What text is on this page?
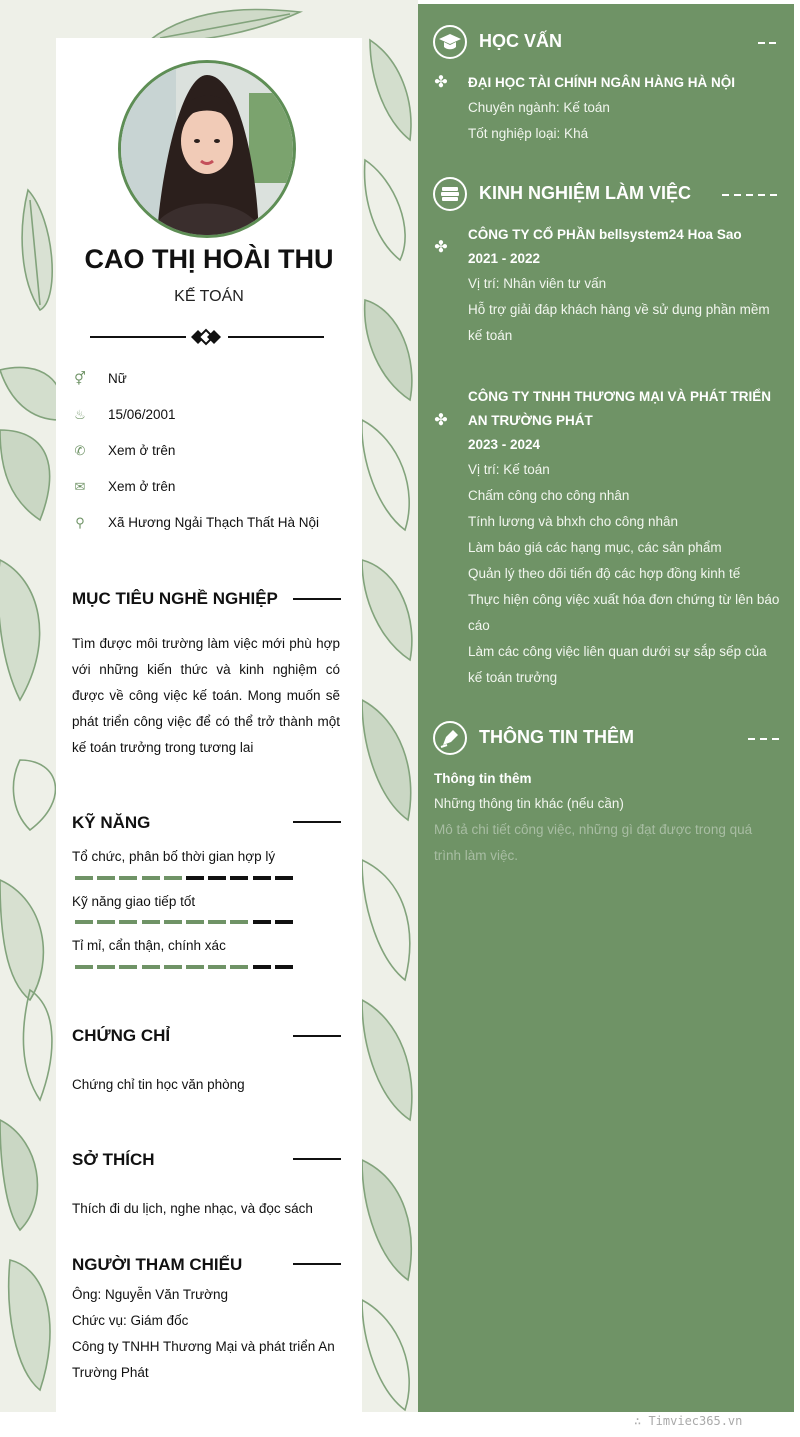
CAO THỊ HOÀI THU
KẾ TOÁN
⚥ Nữ
♨ 15/06/2001
✆ Xem ở trên
✉ Xem ở trên
⚲ Xã Hương Ngải Thạch Thất Hà Nội
MỤC TIÊU NGHỀ NGHIỆP
Tìm được môi trường làm việc mới phù hợp với những kiến thức và kinh nghiệm có được về công việc kế toán. Mong muốn sẽ phát triển công việc để có thể trở thành một kế toán trưởng trong tương lai
KỸ NĂNG
Tổ chức, phân bố thời gian hợp lý
Kỹ năng giao tiếp tốt
Tỉ mỉ, cẩn thận, chính xác
CHỨNG CHỈ
Chứng chỉ tin học văn phòng
SỞ THÍCH
Thích đi du lịch, nghe nhạc, và đọc sách
NGƯỜI THAM CHIẾU
Ông: Nguyễn Văn Trường
Chức vụ: Giám đốc
Công ty TNHH Thương Mại và phát triển An Trường Phát
HỌC VẤN
✤ ĐẠI HỌC TÀI CHÍNH NGÂN HÀNG HÀ NỘI
Chuyên ngành: Kế toán
Tốt nghiệp loại: Khá
KINH NGHIỆM LÀM VIỆC
✤
CÔNG TY CỔ PHẦN bellsystem24 Hoa Sao
2021 - 2022
Vị trí: Nhân viên tư vấn
Hỗ trợ giải đáp khách hàng về sử dụng phần mềm kế toán
✤
CÔNG TY TNHH THƯƠNG MẠI VÀ PHÁT TRIỂN AN TRƯỜNG PHÁT
2023 - 2024
Vị trí: Kế toán
Chấm công cho công nhân
Tính lương và bhxh cho công nhân
Làm báo giá các hạng mục, các sản phẩm
Quản lý theo dõi tiến độ các hợp đồng kinh tế
Thực hiện công việc xuất hóa đơn chứng từ lên báo cáo
Làm các công việc liên quan dưới sự sắp sếp của kế toán trưởng
THÔNG TIN THÊM
Thông tin thêm
Những thông tin khác (nếu cần)
Mô tả chi tiết công việc, những gì đạt được trong quá trình làm việc.
∴ Timviec365.vn
